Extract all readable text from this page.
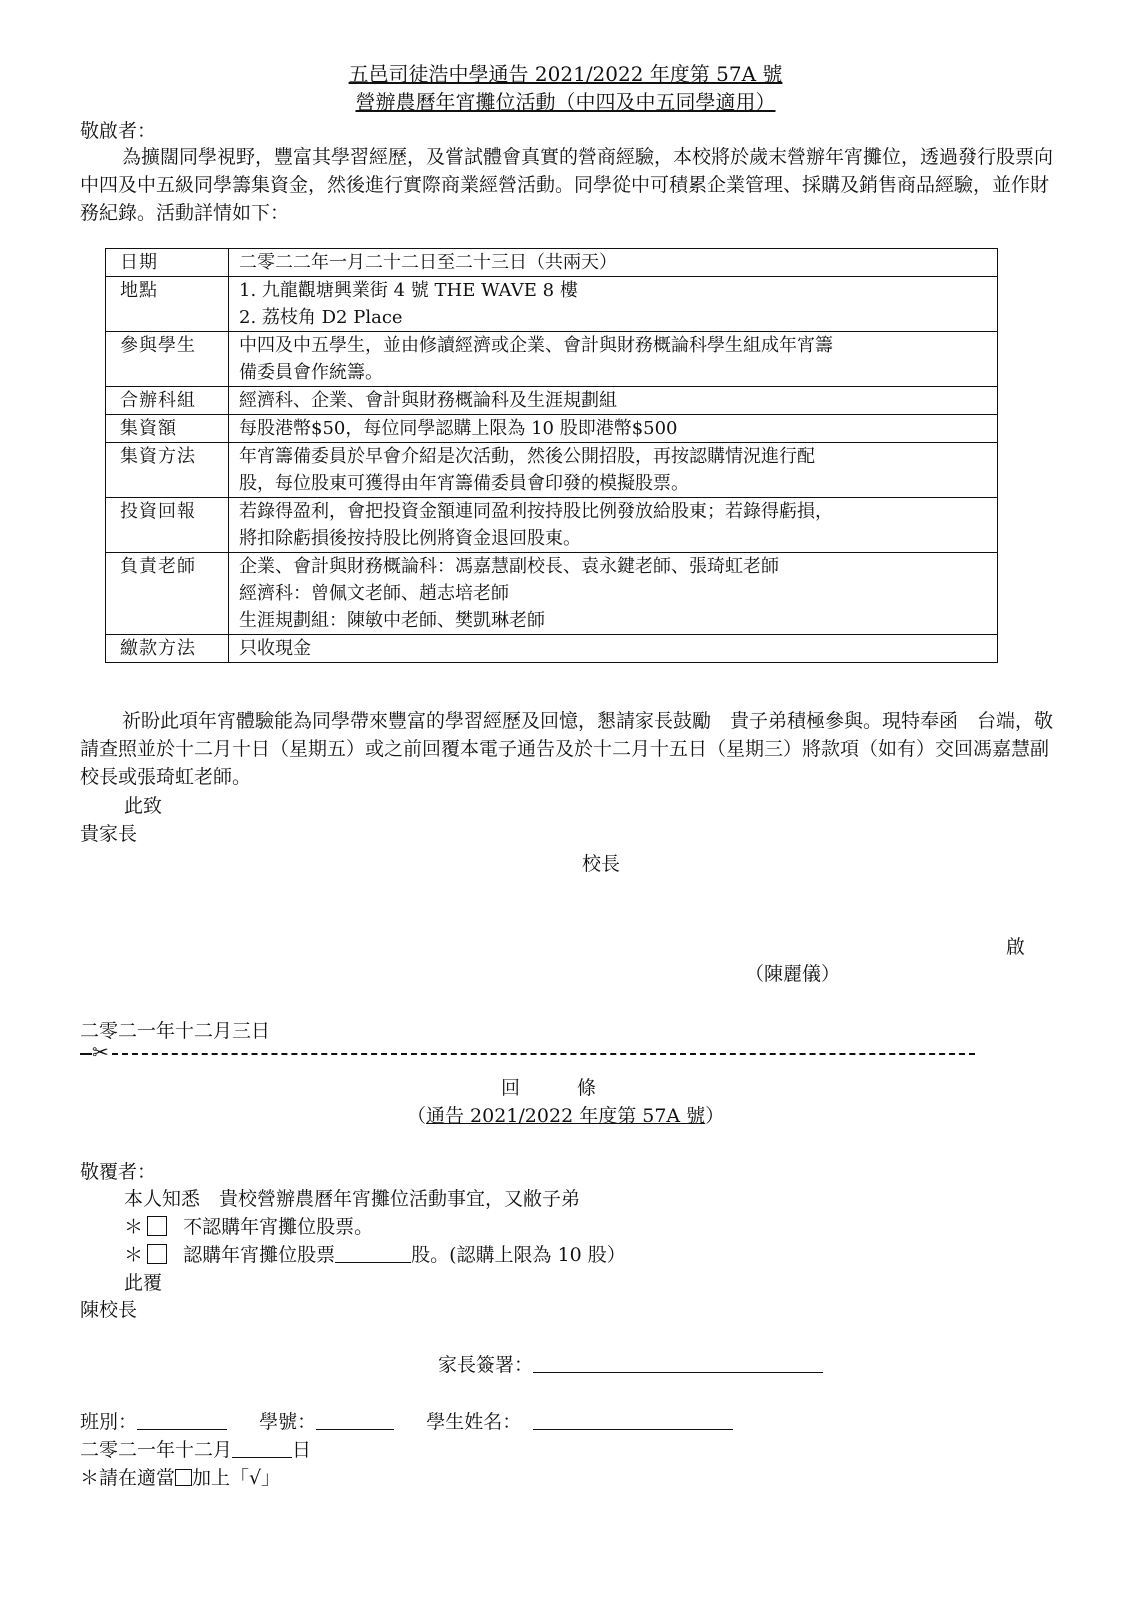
五邑司徒浩中學通告 2021/2022 年度第 57A 號
營辦農曆年宵攤位活動（中四及中五同學適用）
敬啟者：
為擴闊同學視野，豐富其學習經歷，及嘗試體會真實的營商經驗，本校將於歲末營辦年宵攤位，透過發行股票向中四及中五級同學籌集資金，然後進行實際商業經營活動。同學從中可積累企業管理、採購及銷售商品經驗，並作財務紀錄。活動詳情如下：
日期	二零二二年一月二十二日至二十三日（共兩天）

地點	1. 九龍觀塘興業街 4 號 THE WAVE 8 樓
2. 荔枝角 D2 Place

參與學生	中四及中五學生，並由修讀經濟或企業、會計與財務概論科學生組成年宵籌
備委員會作統籌。

合辦科組	經濟科、企業、會計與財務概論科及生涯規劃組

集資額	每股港幣$50，每位同學認購上限為 10 股即港幣$500

集資方法	年宵籌備委員於早會介紹是次活動，然後公開招股，再按認購情況進行配
股，每位股東可獲得由年宵籌備委員會印發的模擬股票。

投資回報	若錄得盈利，會把投資金額連同盈利按持股比例發放給股東；若錄得虧損，
將扣除虧損後按持股比例將資金退回股東。

負責老師	企業、會計與財務概論科：馮嘉慧副校長、袁永鍵老師、張琦虹老師
經濟科：曾佩文老師、趙志培老師
生涯規劃組：陳敏中老師、樊凱琳老師

繳款方法	只收現金
祈盼此項年宵體驗能為同學帶來豐富的學習經歷及回憶，懇請家長鼓勵　貴子弟積極參與。現特奉函　台端，敬請查照並於十二月十日（星期五）或之前回覆本電子通告及於十二月十五日（星期三）將款項（如有）交回馮嘉慧副校長或張琦虹老師。
此致
貴家長
校長
啟
（陳麗儀）
二零二一年十二月三日
✂
回　　　條
（通告 2021/2022 年度第 57A 號）
敬覆者：
本人知悉　貴校營辦農曆年宵攤位活動事宜，又敝子弟
＊ 不認購年宵攤位股票。
＊ 認購年宵攤位股票	股。(認購上限為 10 股）
此覆
陳校長
家長簽署：
班別：	學號：	學生姓名：
二零二一年十二月	日
＊請在適當 加上「√」
